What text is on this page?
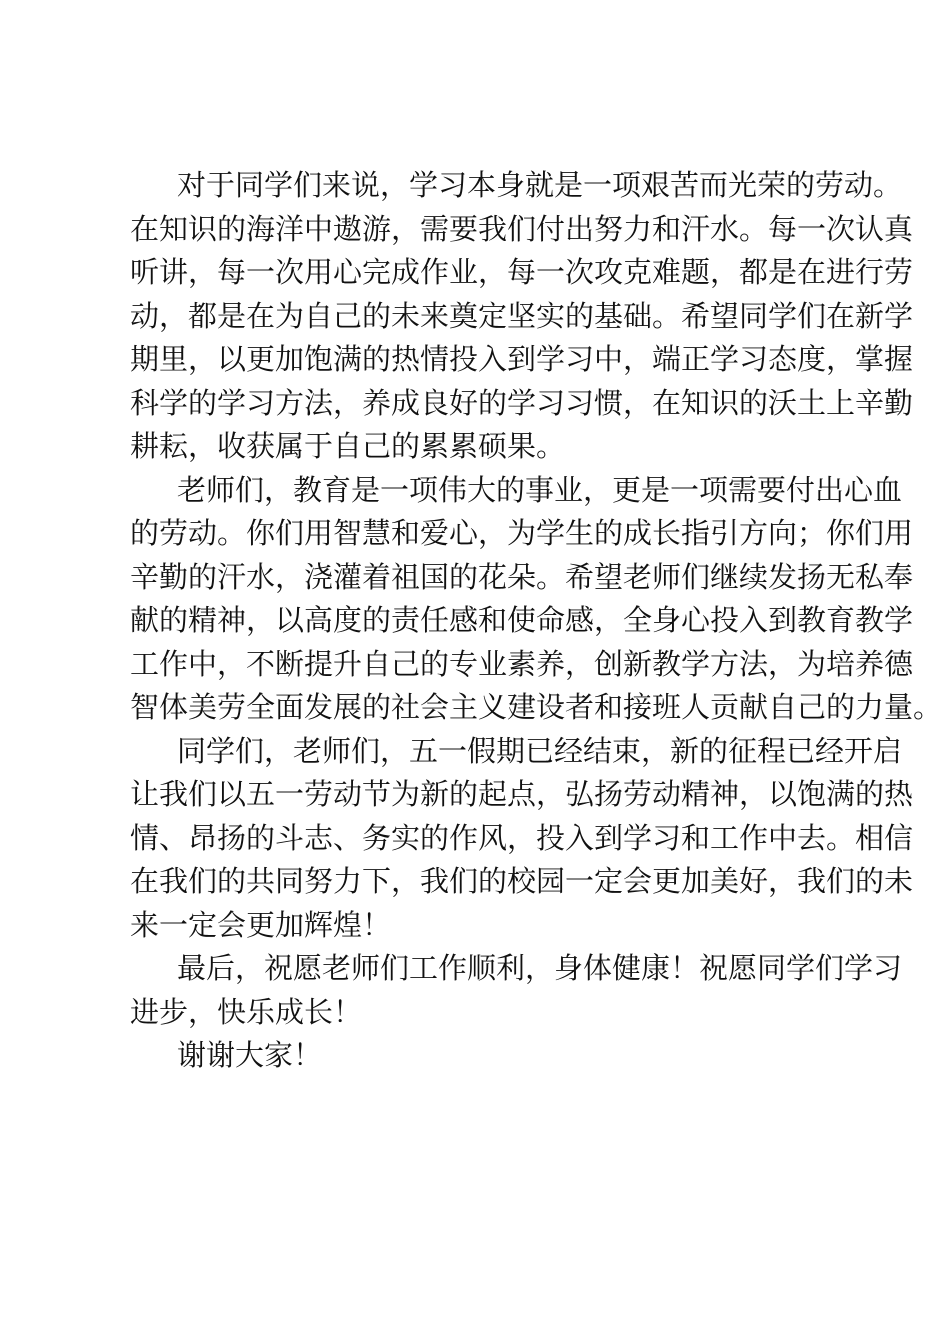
对于同学们来说，学习本身就是一项艰苦而光荣的劳动。
在知识的海洋中遨游，需要我们付出努力和汗水。每一次认真
听讲，每一次用心完成作业，每一次攻克难题，都是在进行劳
动，都是在为自己的未来奠定坚实的基础。希望同学们在新学
期里，以更加饱满的热情投入到学习中，端正学习态度，掌握
科学的学习方法，养成良好的学习习惯，在知识的沃土上辛勤
耕耘，收获属于自己的累累硕果。

老师们，教育是一项伟大的事业，更是一项需要付出心血
的劳动。你们用智慧和爱心，为学生的成长指引方向；你们用
辛勤的汗水，浇灌着祖国的花朵。希望老师们继续发扬无私奉
献的精神，以高度的责任感和使命感，全身心投入到教育教学
工作中，不断提升自己的专业素养，创新教学方法，为培养德
智体美劳全面发展的社会主义建设者和接班人贡献自己的力量。

同学们，老师们，五一假期已经结束，新的征程已经开启
让我们以五一劳动节为新的起点，弘扬劳动精神，以饱满的热
情、昂扬的斗志、务实的作风，投入到学习和工作中去。相信
在我们的共同努力下，我们的校园一定会更加美好，我们的未
来一定会更加辉煌！

最后，祝愿老师们工作顺利，身体健康！祝愿同学们学习
进步，快乐成长！

谢谢大家！
